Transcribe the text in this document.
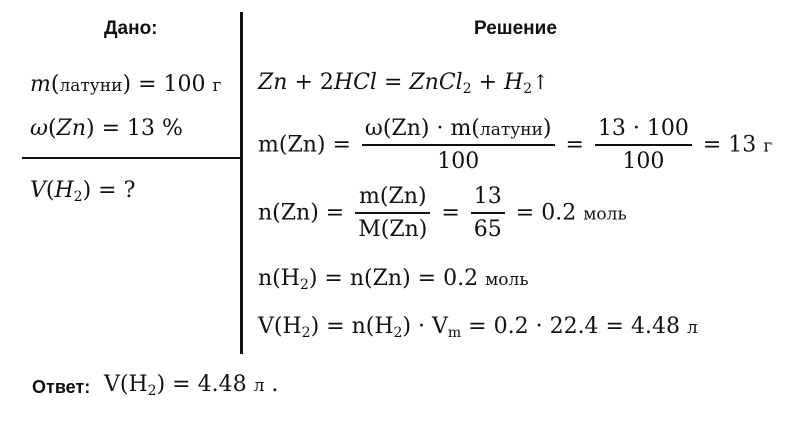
Дано:	Решение
m(латуни) = 100 г
ω(Zn) = 13 %
$V(H_2)$ = ?
Zn + 2HCl = ZnCl$_2$ + $H_2↑$
$m(Zn) = \frac{\text{ω(Zn) · m(латуни)}}{100} = \frac{13 \cdot 100}{100} = 13$ г
$n(Zn) = \frac{m(Zn)}{M(Zn)} = \frac{13}{65} = 0.2$ моль
$n(H_2) = n(Zn) = 0.2$ моль
$V(H_2) = n(H_2) \cdot V_m = 0.2 \cdot 22.4 = 4.48$ л
Ответ: $V(H_2) = 4.48$ л .
